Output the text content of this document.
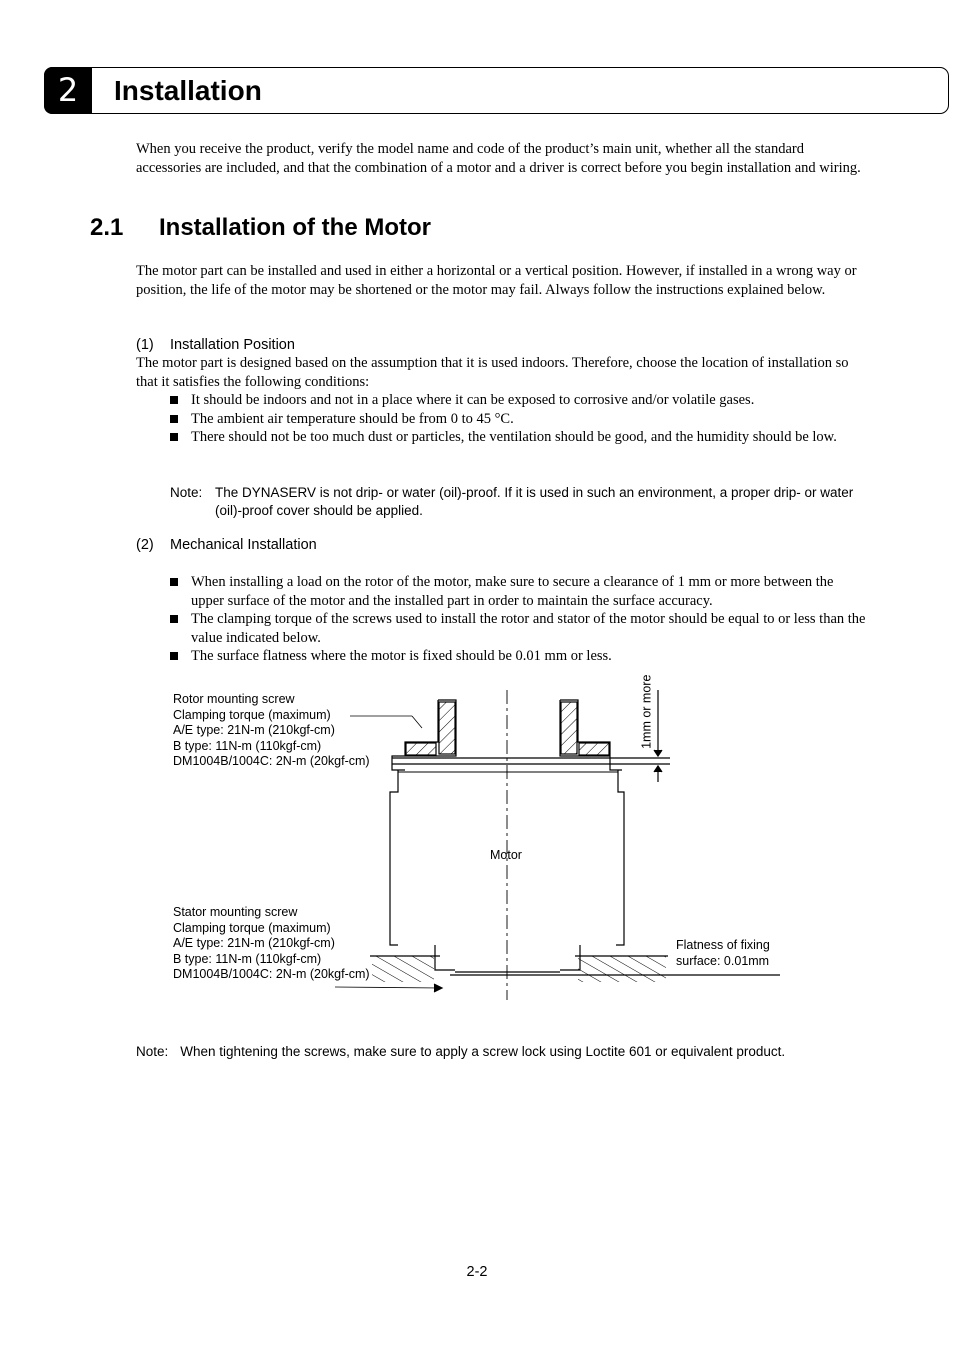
2	Installation

When you receive the product, verify the model name and code of the product’s main unit, whether all the standard accessories are included, and that the combination of a motor and a driver is correct before you begin installation and wiring.

2.1 Installation of the Motor

The motor part can be installed and used in either a horizontal or a vertical position. However, if installed in a wrong way or position, the life of the motor may be shortened or the motor may fail. Always follow the instructions explained below.

(1) Installation Position

The motor part is designed based on the assumption that it is used indoors. Therefore, choose the location of installation so that it satisfies the following conditions:

It should be indoors and not in a place where it can be exposed to corrosive and/or volatile gases.
The ambient air temperature should be from 0 to 45 °C.
There should not be too much dust or particles, the ventilation should be good, and the humidity should be low.
Note: The DYNASERV is not drip- or water (oil)-proof. If it is used in such an environment, a proper drip- or water (oil)-proof cover should be applied.
(2) Mechanical Installation
When installing a load on the rotor of the motor, make sure to secure a clearance of 1 mm or more between the upper surface of the motor and the installed part in order to maintain the surface accuracy.
The clamping torque of the screws used to install the rotor and stator of the motor should be equal to or less than the value indicated below.
The surface flatness where the motor is fixed should be 0.01 mm or less.
Rotor mounting screw
Clamping torque (maximum)
A/E type: 21N-m (210kgf-cm)
B type: 11N-m (110kgf-cm)
DM1004B/1004C: 2N-m (20kgf-cm)
Stator mounting screw
Clamping torque (maximum)
A/E type: 21N-m (210kgf-cm)
B type: 11N-m (110kgf-cm)
DM1004B/1004C: 2N-m (20kgf-cm)
Flatness of fixing
surface: 0.01mm
Motor
1mm or more
Note: When tightening the screws, make sure to apply a screw lock using Loctite 601 or equivalent product.
2-2
